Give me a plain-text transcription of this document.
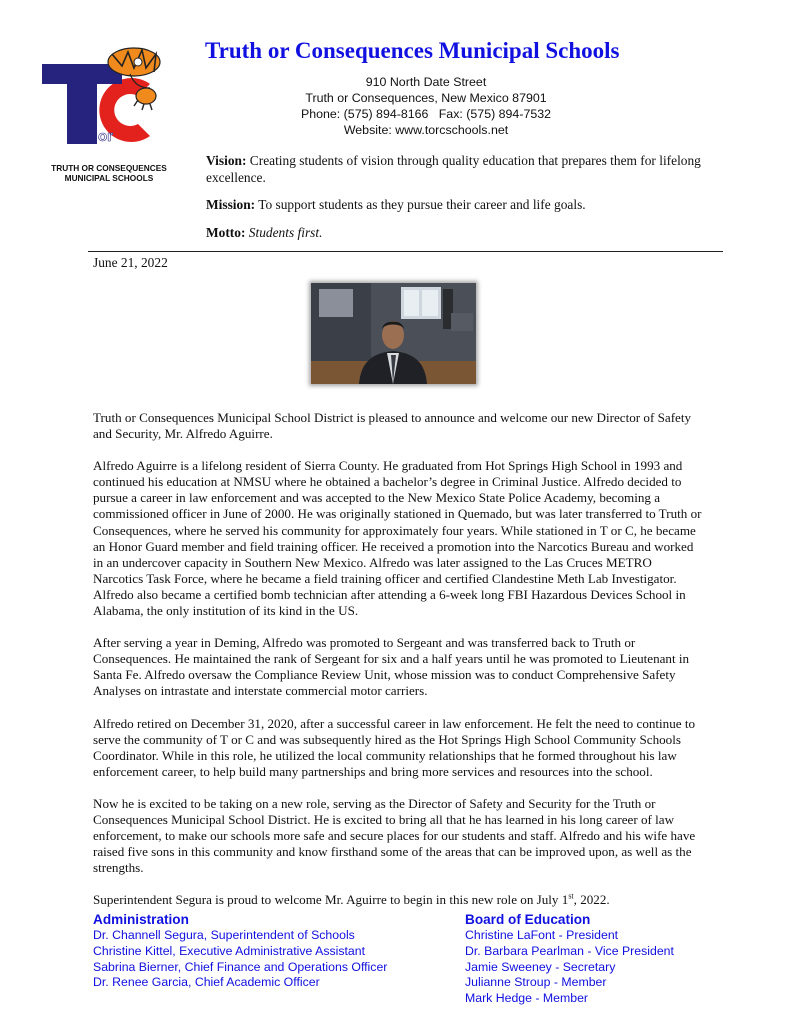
T
or
TRUTH OR CONSEQUENCES
MUNICIPAL SCHOOLS
Truth or Consequences Municipal Schools
910 North Date Street
Truth or Consequences, New Mexico 87901
Phone: (575) 894-8166   Fax: (575) 894-7532
Website: www.torcschools.net
Vision: Creating students of vision through quality education that prepares them for lifelong excellence.
Mission: To support students as they pursue their career and life goals.
Motto: Students first.
June 21, 2022

Truth or Consequences Municipal School District is pleased to announce and welcome our new Director of Safety and Security, Mr. Alfredo Aguirre.

Alfredo Aguirre is a lifelong resident of Sierra County. He graduated from Hot Springs High School in 1993 and continued his education at NMSU where he obtained a bachelor’s degree in Criminal Justice. Alfredo decided to pursue a career in law enforcement and was accepted to the New Mexico State Police Academy, becoming a commissioned officer in June of 2000. He was originally stationed in Quemado, but was later transferred to Truth or Consequences, where he served his community for approximately four years. While stationed in T or C, he became an Honor Guard member and field training officer. He received a promotion into the Narcotics Bureau and worked in an undercover capacity in Southern New Mexico. Alfredo was later assigned to the Las Cruces METRO Narcotics Task Force, where he became a field training officer and certified Clandestine Meth Lab Investigator. Alfredo also became a certified bomb technician after attending a 6-week long FBI Hazardous Devices School in Alabama, the only institution of its kind in the US.

After serving a year in Deming, Alfredo was promoted to Sergeant and was transferred back to Truth or Consequences. He maintained the rank of Sergeant for six and a half years until he was promoted to Lieutenant in Santa Fe. Alfredo oversaw the Compliance Review Unit, whose mission was to conduct Comprehensive Safety Analyses on intrastate and interstate commercial motor carriers.

Alfredo retired on December 31, 2020, after a successful career in law enforcement. He felt the need to continue to serve the community of T or C and was subsequently hired as the Hot Springs High School Community Schools Coordinator. While in this role, he utilized the local community relationships that he formed throughout his law enforcement career, to help build many partnerships and bring more services and resources into the school.

Now he is excited to be taking on a new role, serving as the Director of Safety and Security for the Truth or Consequences Municipal School District. He is excited to bring all that he has learned in his long career of law enforcement, to make our schools more safe and secure places for our students and staff. Alfredo and his wife have raised five sons in this community and know firsthand some of the areas that can be improved upon, as well as the strengths.

Superintendent Segura is proud to welcome Mr. Aguirre to begin in this new role on July 1st, 2022.

Administration
Dr. Channell Segura, Superintendent of Schools
Christine Kittel, Executive Administrative Assistant
Sabrina Bierner, Chief Finance and Operations Officer
Dr. Renee Garcia, Chief Academic Officer
Board of Education
Christine LaFont - President
Dr. Barbara Pearlman - Vice President
Jamie Sweeney - Secretary
Julianne Stroup - Member
Mark Hedge - Member
